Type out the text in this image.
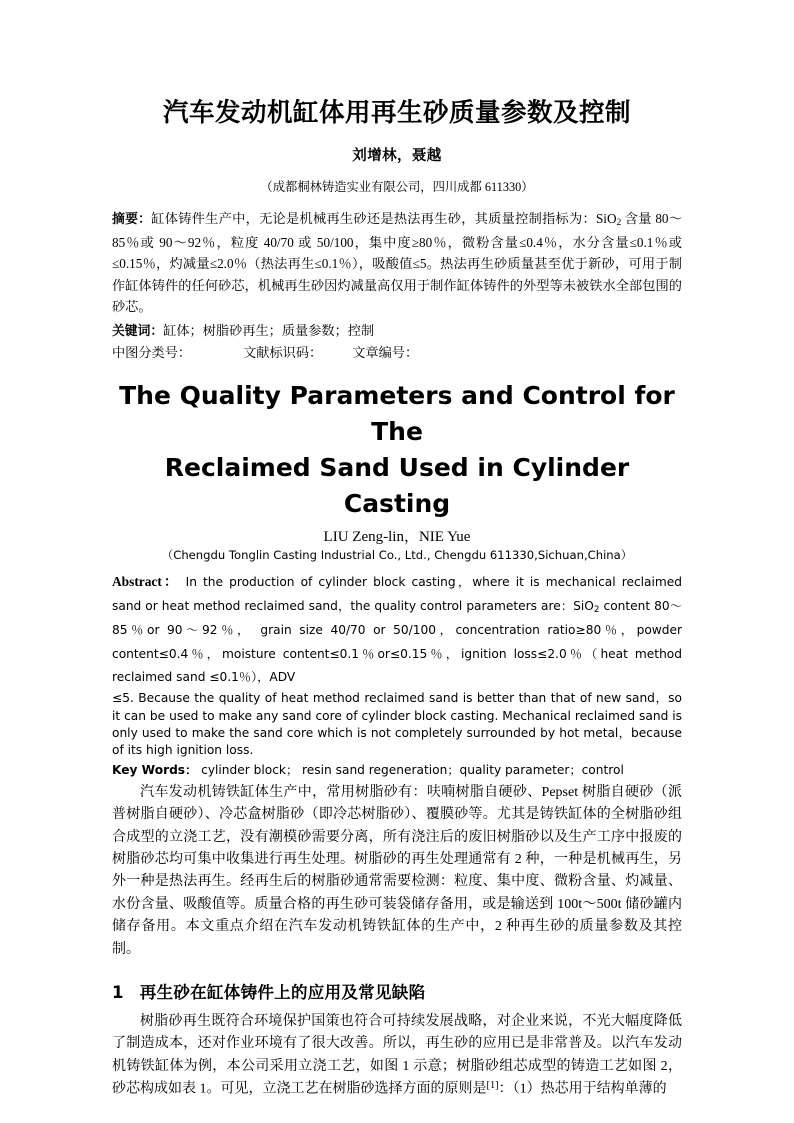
汽车发动机缸体用再生砂质量参数及控制
刘增林，聂越
（成都桐林铸造实业有限公司，四川成都 611330）

摘要：缸体铸件生产中，无论是机械再生砂还是热法再生砂，其质量控制指标为：SiO$_2$ 含量 80～85％或 90～92％，粒度 40/70 或 50/100，集中度≥80％，微粉含量≤0.4％，水分含量≤0.1％或≤0.15％，灼减量≤2.0％（热法再生≤0.1％），吸酸值≤5。热法再生砂质量甚至优于新砂，可用于制作缸体铸件的任何砂芯，机械再生砂因灼减量高仅用于制作缸体铸件的外型等未被铁水全部包围的砂芯。

关键词：缸体；树脂砂再生；质量参数；控制

中图分类号：	文献标识码： 文章编号：

The Quality Parameters and Control for The
Reclaimed Sand Used in Cylinder Casting
LIU Zeng-lin，NIE Yue
（Chengdu Tonglin Casting Industrial Co., Ltd., Chengdu 611330,Sichuan,China）

Abstract： In the production of cylinder block casting，where it is mechanical reclaimed sand or heat method reclaimed sand，the quality control parameters are：SiO$_2$ content 80～85％or 90～92％， grain size 40/70 or 50/100，concentration ratio≥80％，powder content≤0.4％，moisture content≤0.1％or≤0.15％，ignition loss≤2.0％（heat method reclaimed sand ≤0.1％），ADV

≤5. Because the quality of heat method reclaimed sand is better than that of new sand，so it can be used to make any sand core of cylinder block casting. Mechanical reclaimed sand is only used to make the sand core which is not completely surrounded by hot metal，because of its high ignition loss.

Key Words： cylinder block； resin sand regeneration；quality parameter；control

汽车发动机铸铁缸体生产中，常用树脂砂有：呋喃树脂自硬砂、Pepset 树脂自硬砂（派普树脂自硬砂）、冷芯盒树脂砂（即冷芯树脂砂）、覆膜砂等。尤其是铸铁缸体的全树脂砂组合成型的立浇工艺，没有潮模砂需要分离，所有浇注后的废旧树脂砂以及生产工序中报废的树脂砂芯均可集中收集进行再生处理。树脂砂的再生处理通常有 2 种，一种是机械再生，另外一种是热法再生。经再生后的树脂砂通常需要检测：粒度、集中度、微粉含量、灼减量、水份含量、吸酸值等。质量合格的再生砂可装袋储存备用，或是输送到 100t～500t 储砂罐内储存备用。本文重点介绍在汽车发动机铸铁缸体的生产中，2 种再生砂的质量参数及其控制。

1 再生砂在缸体铸件上的应用及常见缺陷

树脂砂再生既符合环境保护国策也符合可持续发展战略，对企业来说，不光大幅度降低了制造成本，还对作业环境有了很大改善。所以，再生砂的应用已是非常普及。以汽车发动机铸铁缸体为例，本公司采用立浇工艺，如图 1 示意；树脂砂组芯成型的铸造工艺如图 2，砂芯构成如表 1。可见，立浇工艺在树脂砂选择方面的原则是[1]：（1）热芯用于结构单薄的
